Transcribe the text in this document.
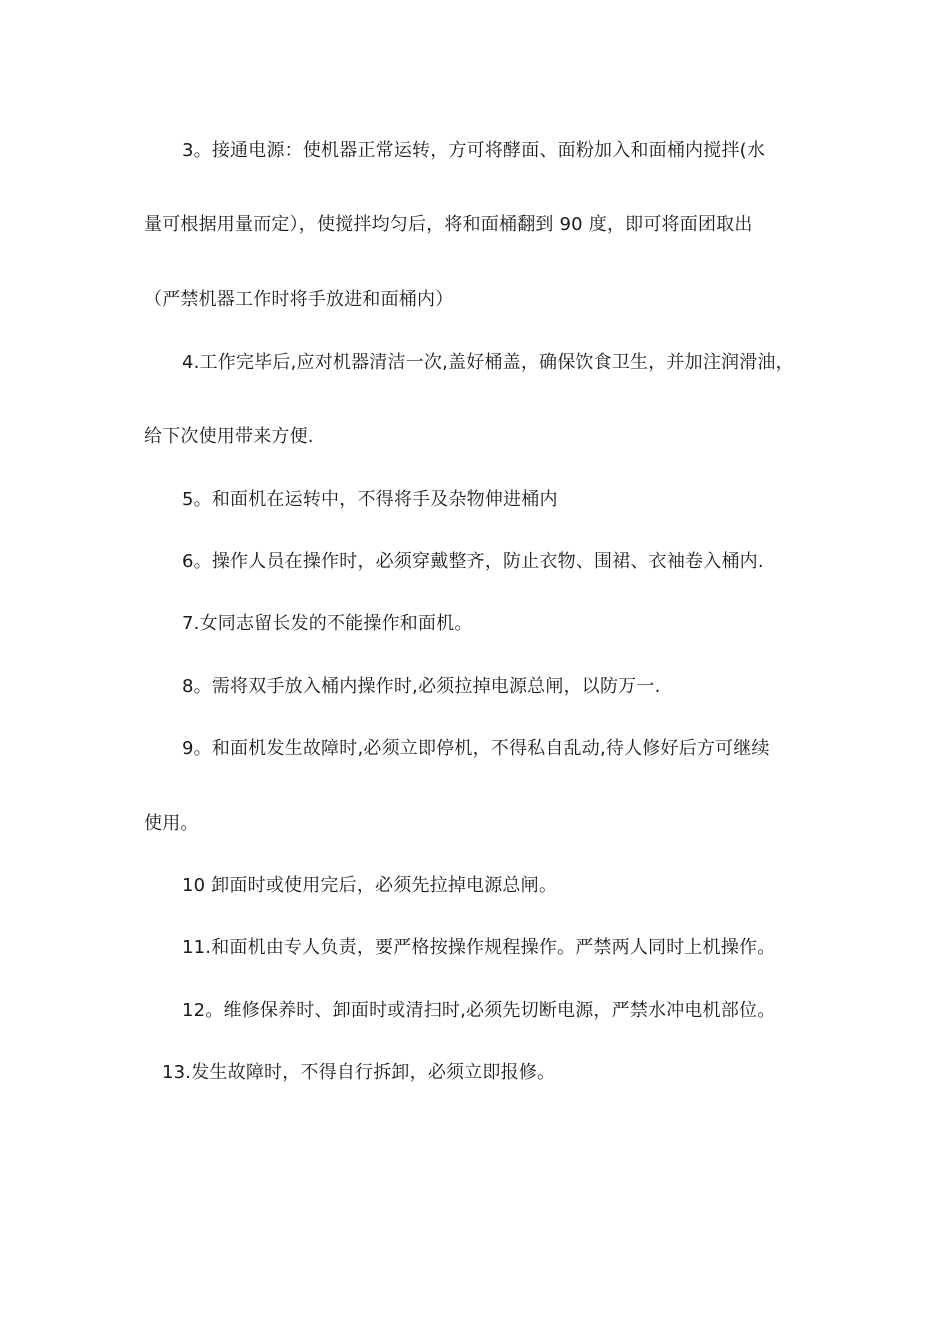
3。接通电源：使机器正常运转，方可将酵面、面粉加入和面桶内搅拌(水
量可根据用量而定），使搅拌均匀后，将和面桶翻到 90 度，即可将面团取出
（严禁机器工作时将手放进和面桶内）
4.工作完毕后,应对机器清洁一次,盖好桶盖，确保饮食卫生，并加注润滑油，
给下次使用带来方便.
5。和面机在运转中，不得将手及杂物伸进桶内
6。操作人员在操作时，必须穿戴整齐，防止衣物、围裙、衣袖卷入桶内.
7.女同志留长发的不能操作和面机。
8。需将双手放入桶内操作时,必须拉掉电源总闸，以防万一.
9。和面机发生故障时,必须立即停机，不得私自乱动,待人修好后方可继续
使用。
10 卸面时或使用完后，必须先拉掉电源总闸。
11.和面机由专人负责，要严格按操作规程操作。严禁两人同时上机操作。
12。维修保养时、卸面时或清扫时,必须先切断电源，严禁水冲电机部位。
13.发生故障时，不得自行拆卸，必须立即报修。
